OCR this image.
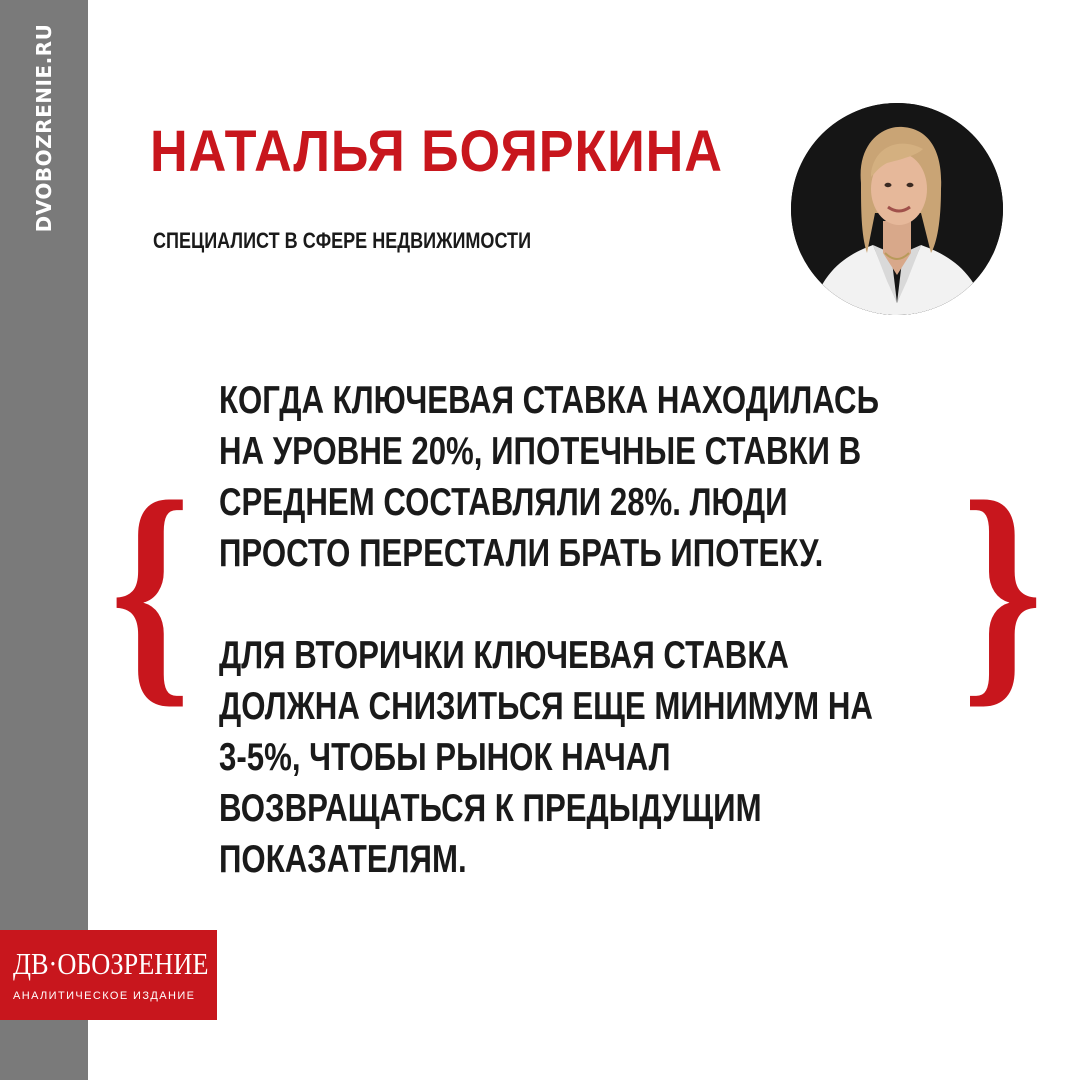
DVOBOZRENIE.RU НАТАЛЬЯ БОЯРКИНА
СПЕЦИАЛИСТ В СФЕРЕ НЕДВИЖИМОСТИ
{	}

КОГДА КЛЮЧЕВАЯ СТАВКА НАХОДИЛАСЬ НА УРОВНЕ 20%, ИПОТЕЧНЫЕ СТАВКИ В СРЕДНЕМ СОСТАВЛЯЛИ 28%. ЛЮДИ ПРОСТО ПЕРЕСТАЛИ БРАТЬ ИПОТЕКУ.

ДЛЯ ВТОРИЧКИ КЛЮЧЕВАЯ СТАВКА ДОЛЖНА СНИЗИТЬСЯ ЕЩЕ МИНИМУМ НА 3-5%, ЧТОБЫ РЫНОК НАЧАЛ ВОЗВРАЩАТЬСЯ К ПРЕДЫДУЩИМ ПОКАЗАТЕЛЯМ.

ДВ·ОБОЗРЕНИЕ
АНАЛИТИЧЕСКОЕ ИЗДАНИЕ
